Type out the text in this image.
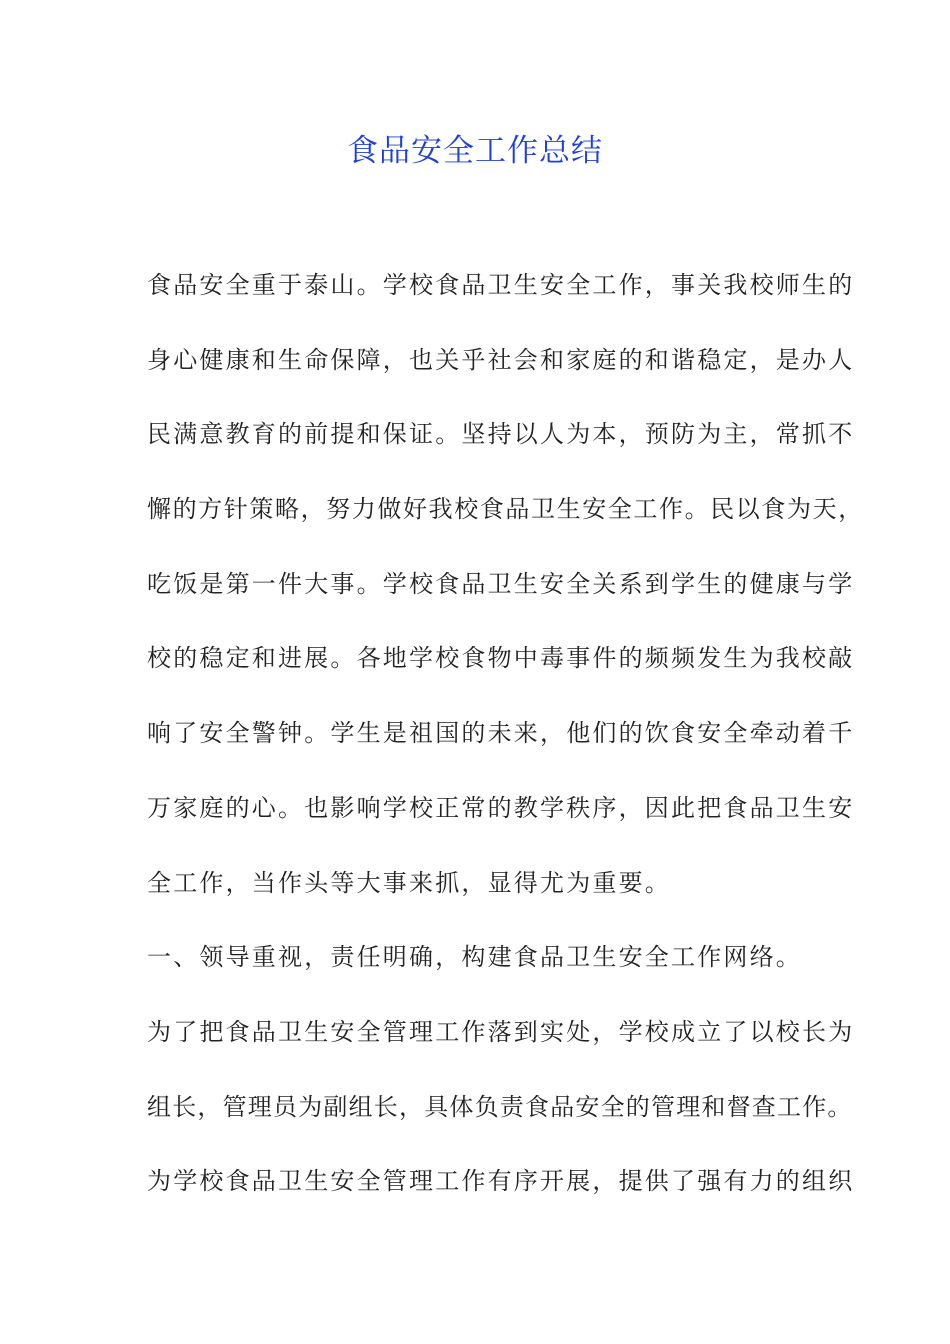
食品安全工作总结

食品安全重于泰山。学校食品卫生安全工作，事关我校师生的

身心健康和生命保障，也关乎社会和家庭的和谐稳定，是办人

民满意教育的前提和保证。坚持以人为本，预防为主，常抓不

懈的方针策略，努力做好我校食品卫生安全工作。民以食为天，

吃饭是第一件大事。学校食品卫生安全关系到学生的健康与学

校的稳定和进展。各地学校食物中毒事件的频频发生为我校敲

响了安全警钟。学生是祖国的未来，他们的饮食安全牵动着千

万家庭的心。也影响学校正常的教学秩序，因此把食品卫生安

全工作，当作头等大事来抓，显得尤为重要。

一、领导重视，责任明确，构建食品卫生安全工作网络。

为了把食品卫生安全管理工作落到实处，学校成立了以校长为

组长，管理员为副组长，具体负责食品安全的管理和督查工作。

为学校食品卫生安全管理工作有序开展，提供了强有力的组织
